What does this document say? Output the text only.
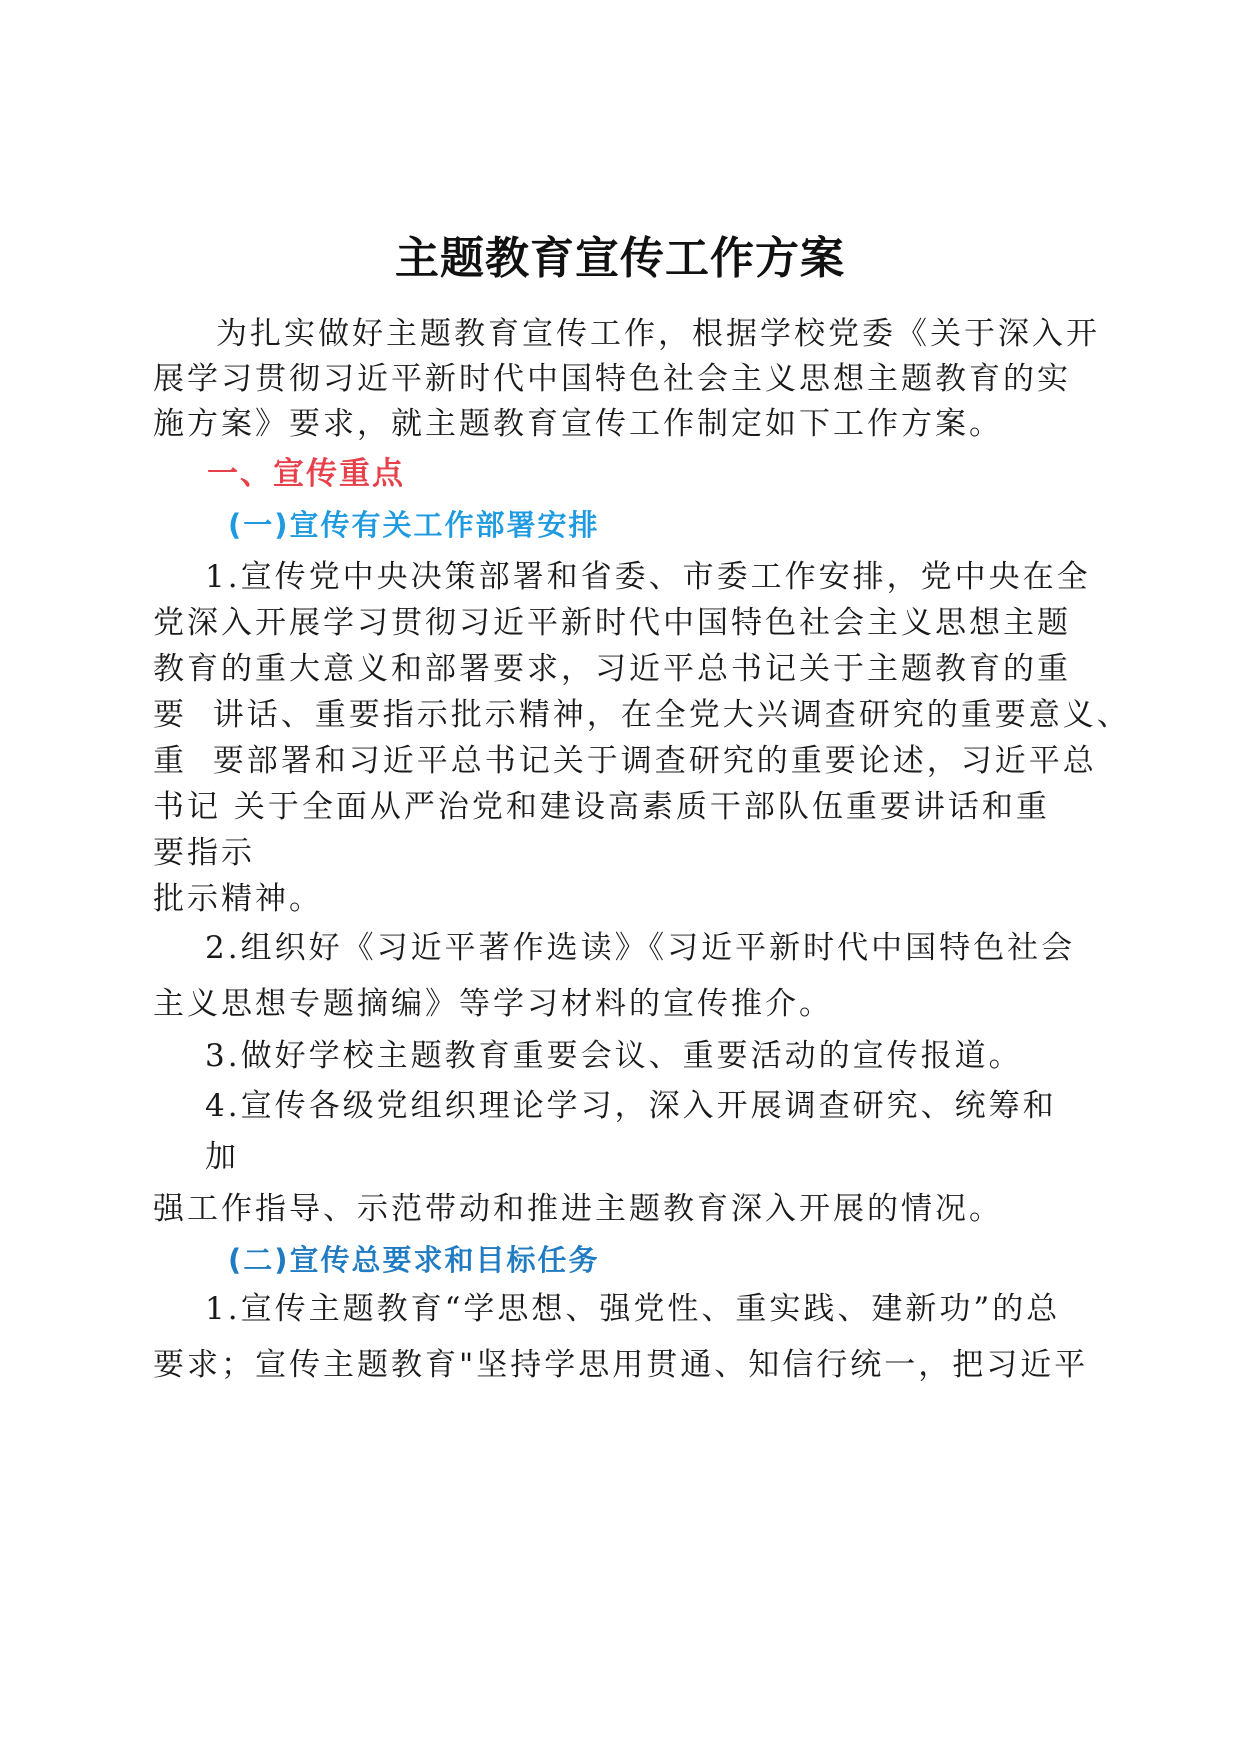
主题教育宣传工作方案
为扎实做好主题教育宣传工作，根据学校党委《关于深入开
展学习贯彻习近平新时代中国特色社会主义思想主题教育的实
施方案》要求，就主题教育宣传工作制定如下工作方案。
一、宣传重点
(一)宣传有关工作部署安排
1.宣传党中央决策部署和省委、市委工作安排，党中央在全
党深入开展学习贯彻习近平新时代中国特色社会主义思想主题
教育的重大意义和部署要求，习近平总书记关于主题教育的重
要  讲话、重要指示批示精神，在全党大兴调查研究的重要意义、
重  要部署和习近平总书记关于调查研究的重要论述，习近平总
书记 关于全面从严治党和建设高素质干部队伍重要讲话和重
要指示
批示精神。
2.组织好《习近平著作选读》《习近平新时代中国特色社会
主义思想专题摘编》等学习材料的宣传推介。
3.做好学校主题教育重要会议、重要活动的宣传报道。
4.宣传各级党组织理论学习，深入开展调查研究、统筹和
加
强工作指导、示范带动和推进主题教育深入开展的情况。
(二)宣传总要求和目标任务
1.宣传主题教育“学思想、强党性、重实践、建新功”的总
要求；宣传主题教育"坚持学思用贯通、知信行统一，把习近平
